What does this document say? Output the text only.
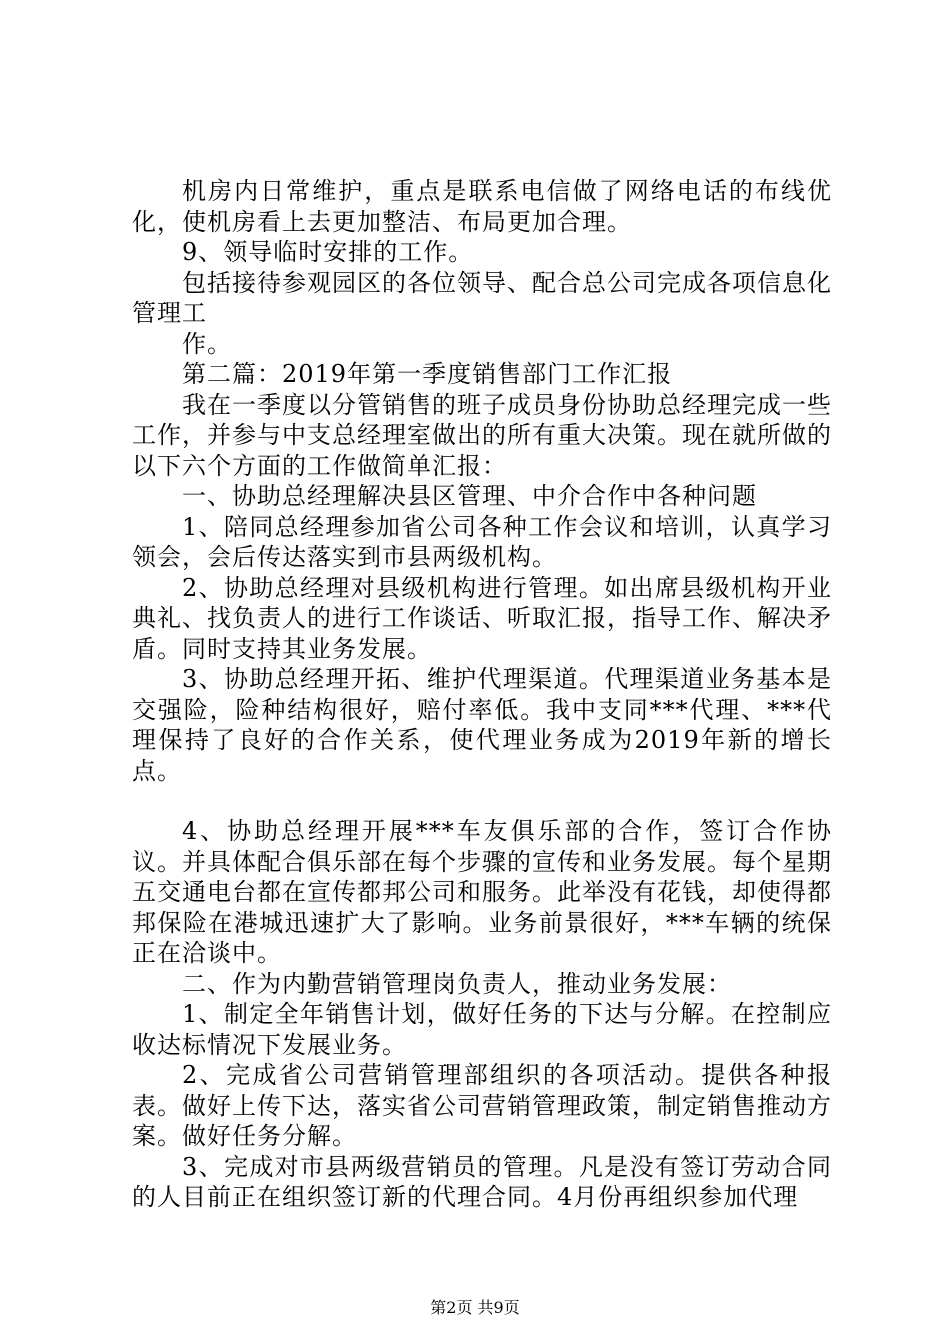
机房内日常维护，重点是联系电信做了网络电话的布线优化，使机房看上去更加整洁、布局更加合理。

9、领导临时安排的工作。

包括接待参观园区的各位领导、配合总公司完成各项信息化管理工

作。

第二篇：2019年第一季度销售部门工作汇报

我在一季度以分管销售的班子成员身份协助总经理完成一些工作，并参与中支总经理室做出的所有重大决策。现在就所做的以下六个方面的工作做简单汇报：

一、协助总经理解决县区管理、中介合作中各种问题

1、陪同总经理参加省公司各种工作会议和培训，认真学习领会，会后传达落实到市县两级机构。

2、协助总经理对县级机构进行管理。如出席县级机构开业典礼、找负责人的进行工作谈话、听取汇报，指导工作、解决矛盾。同时支持其业务发展。

3、协助总经理开拓、维护代理渠道。代理渠道业务基本是交强险，险种结构很好，赔付率低。我中支同***代理、***代理保持了良好的合作关系，使代理业务成为2019年新的增长点。

4、协助总经理开展***车友俱乐部的合作，签订合作协议。并具体配合俱乐部在每个步骤的宣传和业务发展。每个星期五交通电台都在宣传都邦公司和服务。此举没有花钱，却使得都邦保险在港城迅速扩大了影响。业务前景很好，***车辆的统保正在洽谈中。

二、作为内勤营销管理岗负责人，推动业务发展：

1、制定全年销售计划，做好任务的下达与分解。在控制应收达标情况下发展业务。

2、完成省公司营销管理部组织的各项活动。提供各种报表。做好上传下达，落实省公司营销管理政策，制定销售推动方案。做好任务分解。

3、完成对市县两级营销员的管理。凡是没有签订劳动合同的人目前正在组织签订新的代理合同。4月份再组织参加代理

第2页 共9页
